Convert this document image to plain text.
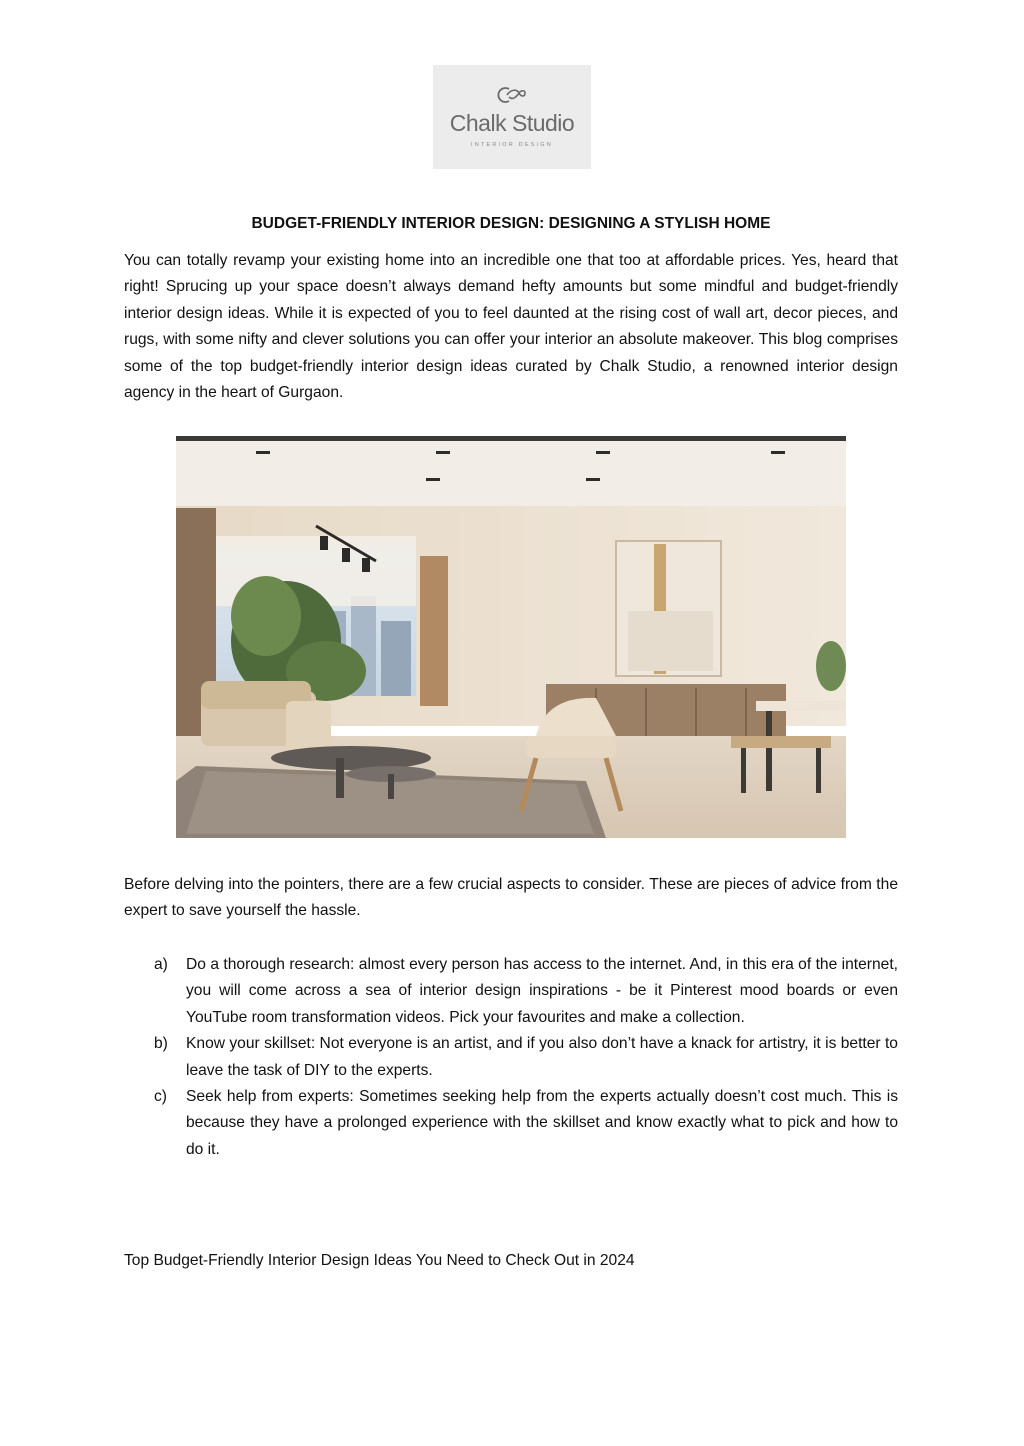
Chalk Studio
INTERIOR DESIGN
BUDGET-FRIENDLY INTERIOR DESIGN: DESIGNING A STYLISH HOME

You can totally revamp your existing home into an incredible one that too at affordable prices. Yes, heard that right! Sprucing up your space doesn’t always demand hefty amounts but some mindful and budget-friendly interior design ideas. While it is expected of you to feel daunted at the rising cost of wall art, decor pieces, and rugs, with some nifty and clever solutions you can offer your interior an absolute makeover. This blog comprises some of the top budget-friendly interior design ideas curated by Chalk Studio, a renowned interior design agency in the heart of Gurgaon.

Before delving into the pointers, there are a few crucial aspects to consider. These are pieces of advice from the expert to save yourself the hassle.

a) Do a thorough research: almost every person has access to the internet. And, in this era of the internet, you will come across a sea of interior design inspirations - be it Pinterest mood boards or even YouTube room transformation videos. Pick your favourites and make a collection.
b) Know your skillset: Not everyone is an artist, and if you also don’t have a knack for artistry, it is better to leave the task of DIY to the experts.
c) Seek help from experts: Sometimes seeking help from the experts actually doesn’t cost much. This is because they have a prolonged experience with the skillset and know exactly what to pick and how to do it.
Top Budget-Friendly Interior Design Ideas You Need to Check Out in 2024
